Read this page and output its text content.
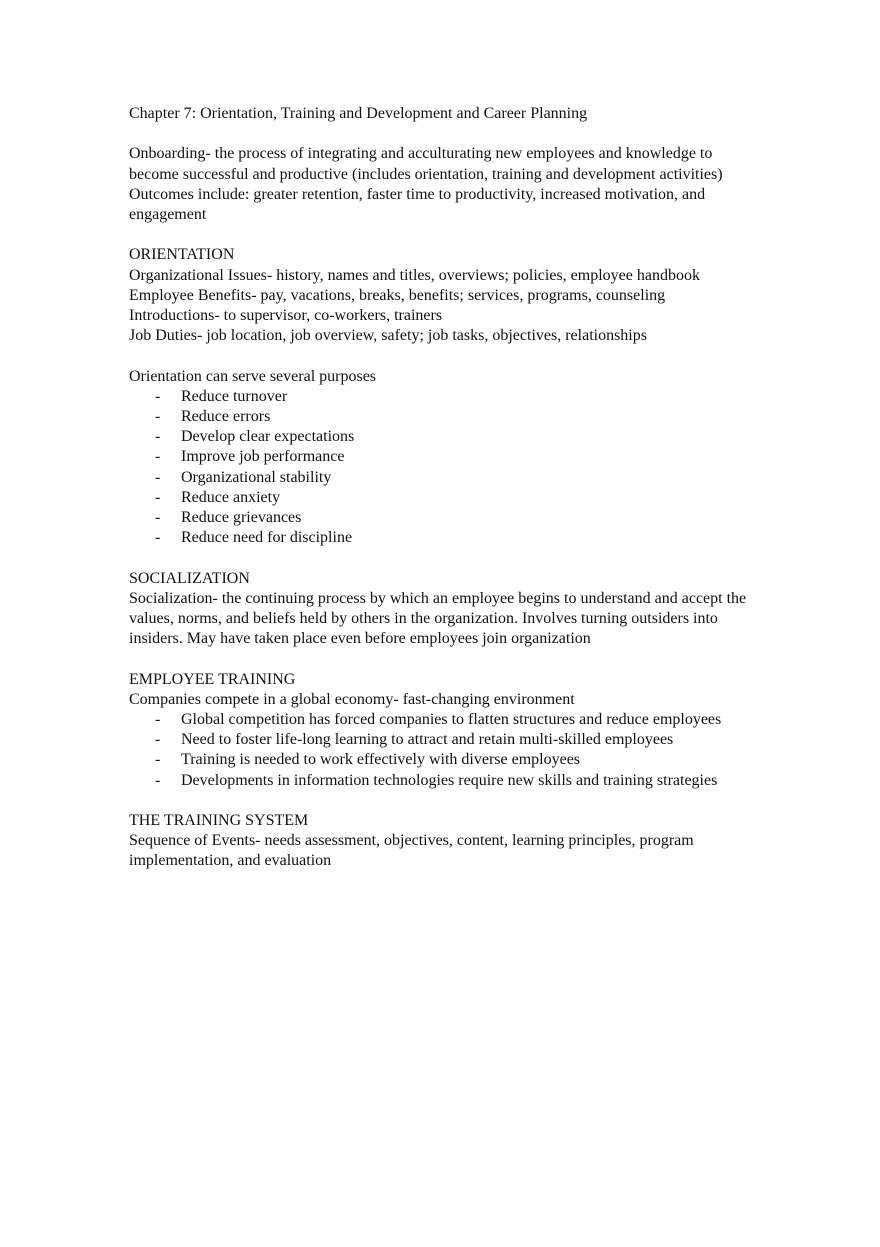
Chapter 7: Orientation, Training and Development and Career Planning

Onboarding- the process of integrating and acculturating new employees and knowledge to become successful and productive (includes orientation, training and development activities)

Outcomes include: greater retention, faster time to productivity, increased motivation, and engagement

ORIENTATION

Organizational Issues- history, names and titles, overviews; policies, employee handbook

Employee Benefits- pay, vacations, breaks, benefits; services, programs, counseling

Introductions- to supervisor, co-workers, trainers

Job Duties- job location, job overview, safety; job tasks, objectives, relationships

Orientation can serve several purposes

- Reduce turnover
- Reduce errors
- Develop clear expectations
- Improve job performance
- Organizational stability
- Reduce anxiety
- Reduce grievances
- Reduce need for discipline

SOCIALIZATION

Socialization- the continuing process by which an employee begins to understand and accept the values, norms, and beliefs held by others in the organization. Involves turning outsiders into insiders. May have taken place even before employees join organization

EMPLOYEE TRAINING

Companies compete in a global economy- fast-changing environment

- Global competition has forced companies to flatten structures and reduce employees
- Need to foster life-long learning to attract and retain multi-skilled employees
- Training is needed to work effectively with diverse employees
- Developments in information technologies require new skills and training strategies

THE TRAINING SYSTEM

Sequence of Events- needs assessment, objectives, content, learning principles, program implementation, and evaluation
